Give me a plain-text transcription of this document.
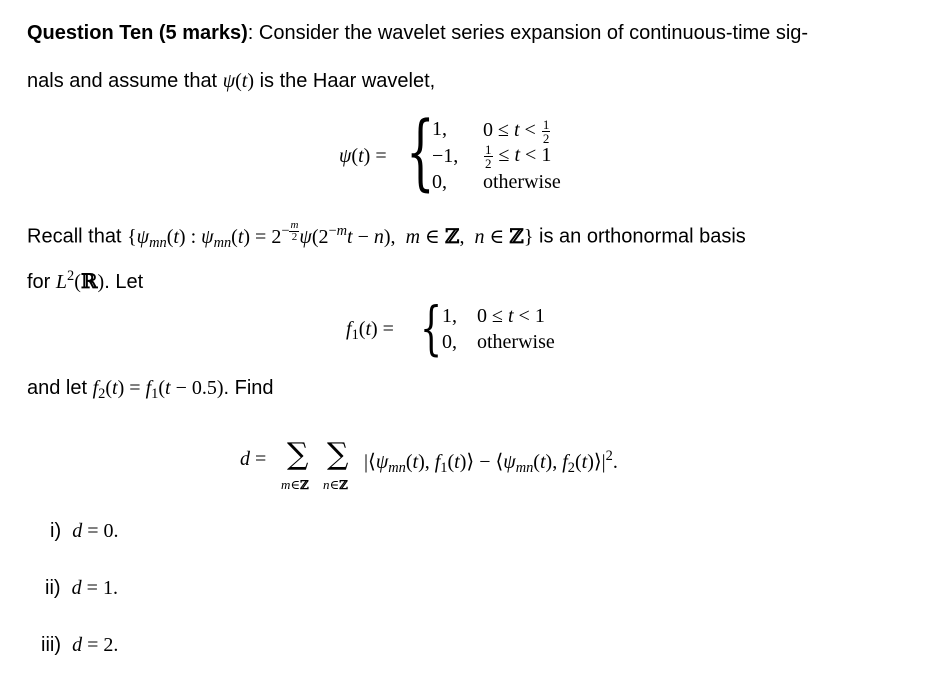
Question Ten (5 marks): Consider the wavelet series expansion of continuous-time sig-
nals and assume that ψ(t) is the Haar wavelet,
ψ(t) = {
1, $0 \le t < \frac{1}{2}$
−1, $\frac{1}{2} \le t < 1$
0, otherwise
Recall that {$\psi_{mn}(t)$ : $\psi_{mn}(t) = 2^{- \frac{m}{2}}$ $\psi(2^{-m}t - n)$,  m ∈ ℤ,  n ∈ ℤ} is an orthonormal basis
for $L^2(ℝ)$. Let
$f_1(t)$ = { 1, 0 ≤ t < 1
0, otherwise
and let $f_2(t) = f_1(t - 0.5)$. Find
d = ∑
m∈ℤ
∑
n∈ℤ
$|⟨\psi_{mn}(t)$, $f_1(t)⟩$ − $⟨\psi_{mn}(t)$, $f_2(t)⟩|^2$.
i) d = 0.
ii) d = 1.
iii) d = 2.
